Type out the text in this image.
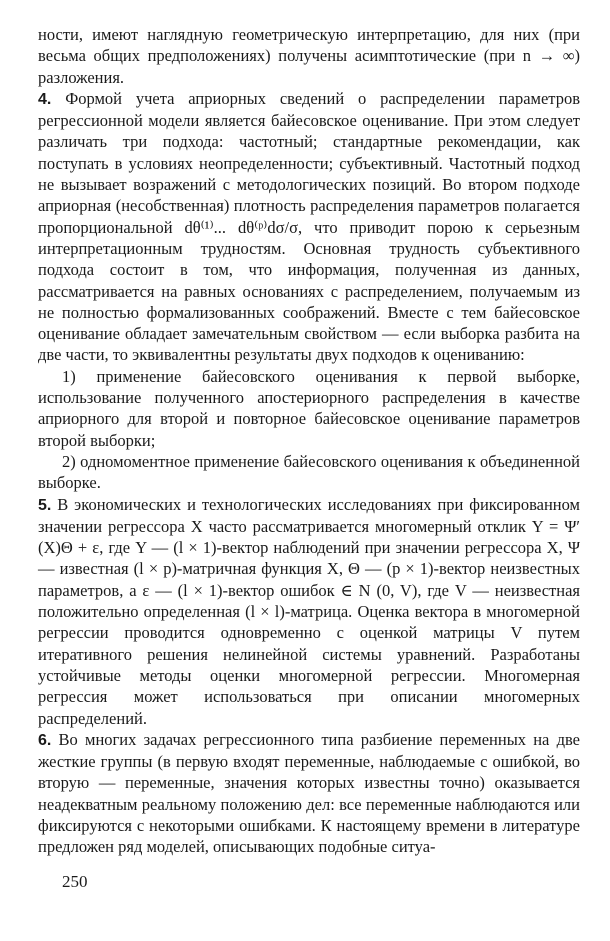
ности, имеют наглядную геометрическую интерпретацию, для них (при весьма общих предположениях) получены асимптотические (при n → ∞) разложения.

4. Формой учета априорных сведений о распределении параметров регрессионной модели является байесовское оценивание. При этом следует различать три подхода: частотный; стандартные рекомендации, как поступать в условиях неопределенности; субъективный. Частотный подход не вызывает возражений с методологических позиций. Во втором подходе априорная (несобственная) плотность распределения параметров полагается пропорциональной dθ⁽¹⁾... dθ⁽ᵖ⁾dσ/σ, что приводит порою к серьезным интерпретационным трудностям. Основная трудность субъективного подхода состоит в том, что информация, полученная из данных, рассматривается на равных основаниях с распределением, получаемым из не полностью формализованных соображений. Вместе с тем байесовское оценивание обладает замечательным свойством — если выборка разбита на две части, то эквивалентны результаты двух подходов к оцениванию:

1) применение байесовского оценивания к первой выборке, использование полученного апостериорного распределения в качестве априорного для второй и повторное байесовское оценивание параметров второй выборки;

2) одномоментное применение байесовского оценивания к объединенной выборке.

5. В экономических и технологических исследованиях при фиксированном значении регрессора X часто рассматривается многомерный отклик Y = Ψ′ (X)Θ + ε, где Y — (l × 1)-вектор наблюдений при значении регрессора X, Ψ — известная (l × p)-матричная функция X, Θ — (p × 1)-вектор неизвестных параметров, а ε — (l × 1)-вектор ошибок ∈ N (0, V), где V — неизвестная положительно определенная (l × l)-матрица. Оценка вектора в многомерной регрессии проводится одновременно с оценкой матрицы V путем итеративного решения нелинейной системы уравнений. Разработаны устойчивые методы оценки многомерной регрессии. Многомерная регрессия может использоваться при описании многомерных распределений.

6. Во многих задачах регрессионного типа разбиение переменных на две жесткие группы (в первую входят переменные, наблюдаемые с ошибкой, во вторую — переменные, значения которых известны точно) оказывается неадекватным реальному положению дел: все переменные наблюдаются или фиксируются с некоторыми ошибками. К настоящему времени в литературе предложен ряд моделей, описывающих подобные ситуа-

250
